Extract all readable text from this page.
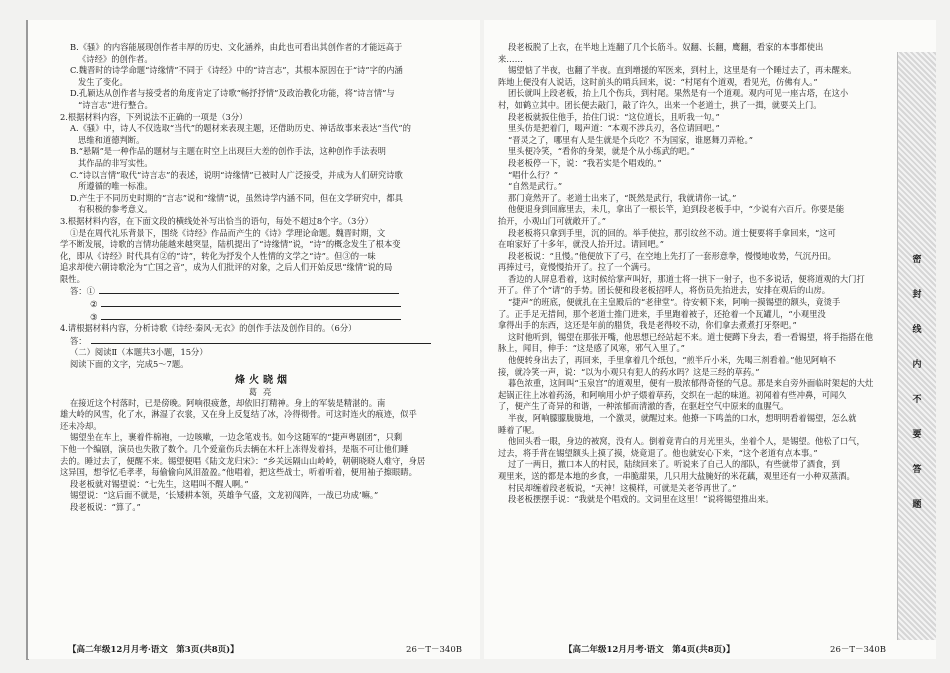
B.《骚》的内容能展现创作者丰厚的历史、文化涵养，由此也可看出其创作者的才能远高于
《诗经》的创作者。
C.魏晋时的诗学命题“诗缘情”不同于《诗经》中的“诗言志”，其根本原因在于“诗”字的内涵
发生了变化。
D.孔颖达从创作者与接受者的角度肯定了诗歌“畅抒抒情”及政治教化功能，将“诗言情”与
“诗言志”进行整合。
2.根据材料内容，下列说法不正确的一项是（3分）
A.《骚》中，诗人不仅选取“当代”的题材来表现主题，还借助历史、神话故事来表达“当代”的
思维和道德判断。
B.“悬隔”是一种作品的题材与主题在时空上出现巨大差的创作手法，这种创作手法表明
其作品的非写实性。
C.“诗以言情”取代“诗言志”的表述，说明“诗缘情”已被时人广泛接受，并成为人们研究诗歌
所遵循的唯一标准。
D.产生于不同历史时期的“言志”说和“缘情”说，虽然诗学内涵不同，但在文学研究中，都具
有积极的参考意义。
3.根据材料内容，在下面文段的横线处补写出恰当的语句，每处不超过8个字。（3分）
①是在周代礼乐背景下，围绕《诗经》作品而产生的《诗》学理论命题。魏晋时期，文
学不断发展，诗歌的言情功能越来越突显，陆机提出了“诗缘情”说，“诗”的概念发生了根本变
化，即从《诗经》时代具有②的“诗”，转化为抒发个人性情的文学之“诗”。但③的一味
追求却使六朝诗歌沦为“亡国之音”，成为人们批评的对象，之后人们开始反思“缘情”说的局
限性。
答：①
②
③
4.请根据材料内容，分析诗歌《诗经·秦风·无衣》的创作手法及创作目的。（6分）
答：
（二）阅读Ⅱ（本题共3小题，15分）
阅读下面的文字，完成5～7题。
烽火晓烟
葛亮
在接近这个村落时，已是傍晚。阿响很疲惫，却依旧打精神。身上的军装是精湛的。南
雄大岭的风雪，化了水，淋湿了衣裳，又在身上反复结了冰，冷得彻骨。可这时连火的痕迹，似乎
还未冷却。
锡望坐在车上，裹着件棉袍，一边咳嗽，一边念笔戏书。如今这随军的“捷声粤剧团”，只剩
下他一个编剧，演员也失散了数个。几个爱童伤兵去辆在木杆上冻得发着抖，是瓶不可让他们睡
去的。睡过去了，便醒不来。锡望便唱《陆文龙归宋》：“乡关远隔山山岭岭，朝朝晓晓人难守，身居
这异国，想爷忆毛孝孝，每偷偷向风泪盈盈。”他唱着，把这些战士，听着听着，便用袖子擦眼睛。
段老板就对锡望说：“七先生，这唱叫不醒人啊。”
锡望说：“这后面不就是，‘长矮耕本领，英雄争气盛，文龙初闯阵，一战已功成’嘛。”
段老板说：“算了。”
【高二年级12月月考·语文　第3页(共8页)】	26－T－340B
段老板脱了上衣，在半地上连翻了几个长筋斗。奴翻、长翻，鹰翻，看家的本事都使出
来……
锡望惦了半夜，也翻了半夜。直到增援的军医来，到村上，这里是有一个睡过去了，再未醒来。
阵地上便没有人说话，这时前头的哨兵回来，说：“村尾有个道观，看见光，仿佛有人。”
团长就叫上段老板，抬上几个伤兵，到村尾。果然是有一个道观。观内可见一座古塔，在这小
村，如鹤立其中。团长便去敲门，敲了许久，出来一个老道士，拱了一揖，就要关上门。
段老板就扳住他手，抬住门说：“这位道长，且听我一句。”
里头仿是把着门，喝声道：“本观不涉兵刃，各位请回吧。”
“晋灵之了，哪里有人是生就是个兵吃？不为国家，谁愿舞刀弄枪。”
里头便冷笑，“看你的身架，就是个从小练武的吧。”
段老板停一下，说：“我若实是个唱戏的。”
“唱什么行？”
“自然是武行。”
那门竟然开了。老道士出来了，“既然是武行，我就请你一试。”
他便退身到回廊里去，未几，拿出了一根长竿，迫到段老板手中，“少说有六百斤。你要是能
抬开，小观山门可就敞开了。”
段老板将只拿到手里，沉的回的。举手使拉，那引纹丝不动。道士便要将手拿回来，“这可
在咱家好了十多年，就没人抬开过。请回吧。”
段老板说：“且慢。”他便放下了弓，在空地上先打了一套形意拳，慢慢地收势，气沉丹田。
再捧过弓，竟慢慢抬开了。拉了一个满弓。
香边的人屏息看着，这时候给掌声叫好，那道士将一拱下一射子，也不多说话，便将道观的大门打
开了。伴了个“请”的手势。团长便和段老板招呼人，将伤员先抬进去，安排在观后的山房。
“捷声”的班底，便就扎在主皇殿后的“老律堂”。待安顿下来，阿响一摸锡望的额头，竟烫手
了。正手足无措间，那个老道士推门进来，手里跑着被子，还抢着一个瓦罐儿，“小观里没
拿得出手的东西，这还是年前的腊货，我是老得咬不动，你们拿去煮煮打牙祭吧。”
这时他听到，锡望在那张开嘴，他思想已经站起不来。道士便蹲下身去，看一看锡望，将手指搭在他
脉上，闻目，伸手：“这是感了风寒，邪气入里了。”
他便转身出去了，再回来，手里拿着几个纸包，“煎半斤小米，先喝三剂看着。”他见阿响不
接，就冷笑一声，说：“以为小观只有犯人的药水吗？这是三经的草药。”
暮色浓重，这间叫“玉泉宫”的道观里，便有一股浓郁得奇怪的气息。那是来自旁外面临时架起的大灶
起锅正往上冰着药汤，和阿响用小炉子煨着草药，交织在一起的味道。初闻着有些冲鼻，可闻久
了，便产生了奇异的和谐，一种浓郁而清澈的香，在驱赶空气中原来的血腥气。
半夜，阿响朦朦胧胧地，一个激灵，就醒过来。他撩一下鸣盖的口水，想明明看着锡望，怎么就
睡着了呢。
他回头看一眼，身边的被窝，没有人。倒着竟青白的月光里头，坐着个人，是锡望。他松了口气，
过去，将手背在锡望额头上摸了摸，烧竟退了。他也就安心下来，“这个老道有点本事。”
过了一两日，撤口本人的村民，陆续回来了。听说来了自己人的部队，有些就带了酒食，到
观里来，送的都是本地的乡食，一串脆甜果，几只用大盐腌好的米花藕，观里还有一小种双蒸酒。
村民却缠着段老板说，“天神！这模样，可就是关老爷再世了。”
段老板摆摆手说：“我就是个唱戏的。文词里在这里！”说将锡望推出来。
【高二年级12月月考·语文　第4页(共8页)】	26－T－340B
密
封
线
内
不
要
答
题
